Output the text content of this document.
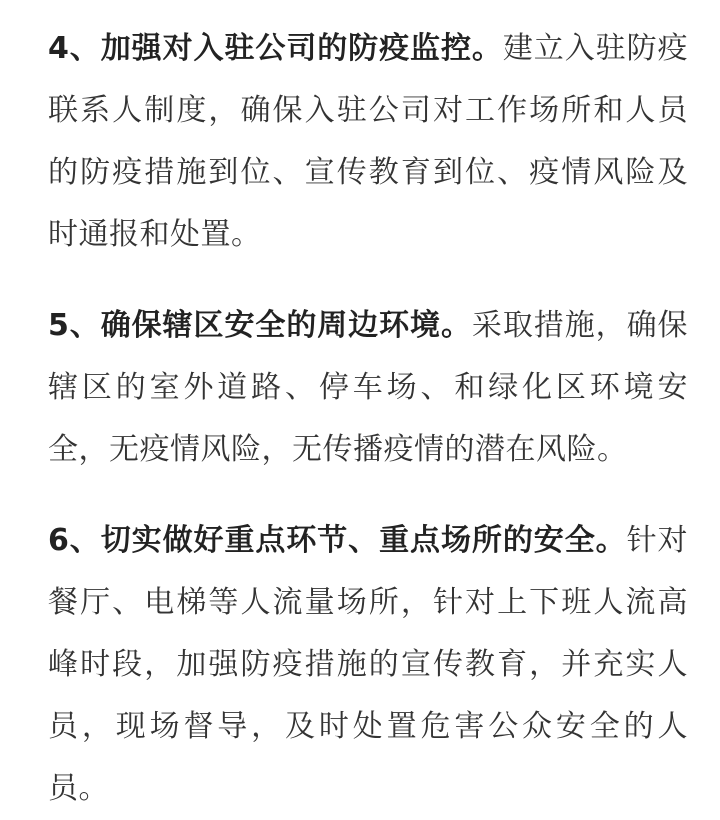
4、加强对入驻公司的防疫监控。建立入驻防疫联系人制度，确保入驻公司对工作场所和人员的防疫措施到位、宣传教育到位、疫情风险及时通报和处置。

5、确保辖区安全的周边环境。采取措施，确保辖区的室外道路、停车场、和绿化区环境安全，无疫情风险，无传播疫情的潜在风险。

6、切实做好重点环节、重点场所的安全。针对餐厅、电梯等人流量场所，针对上下班人流高峰时段，加强防疫措施的宣传教育，并充实人员，现场督导，及时处置危害公众安全的人员。
